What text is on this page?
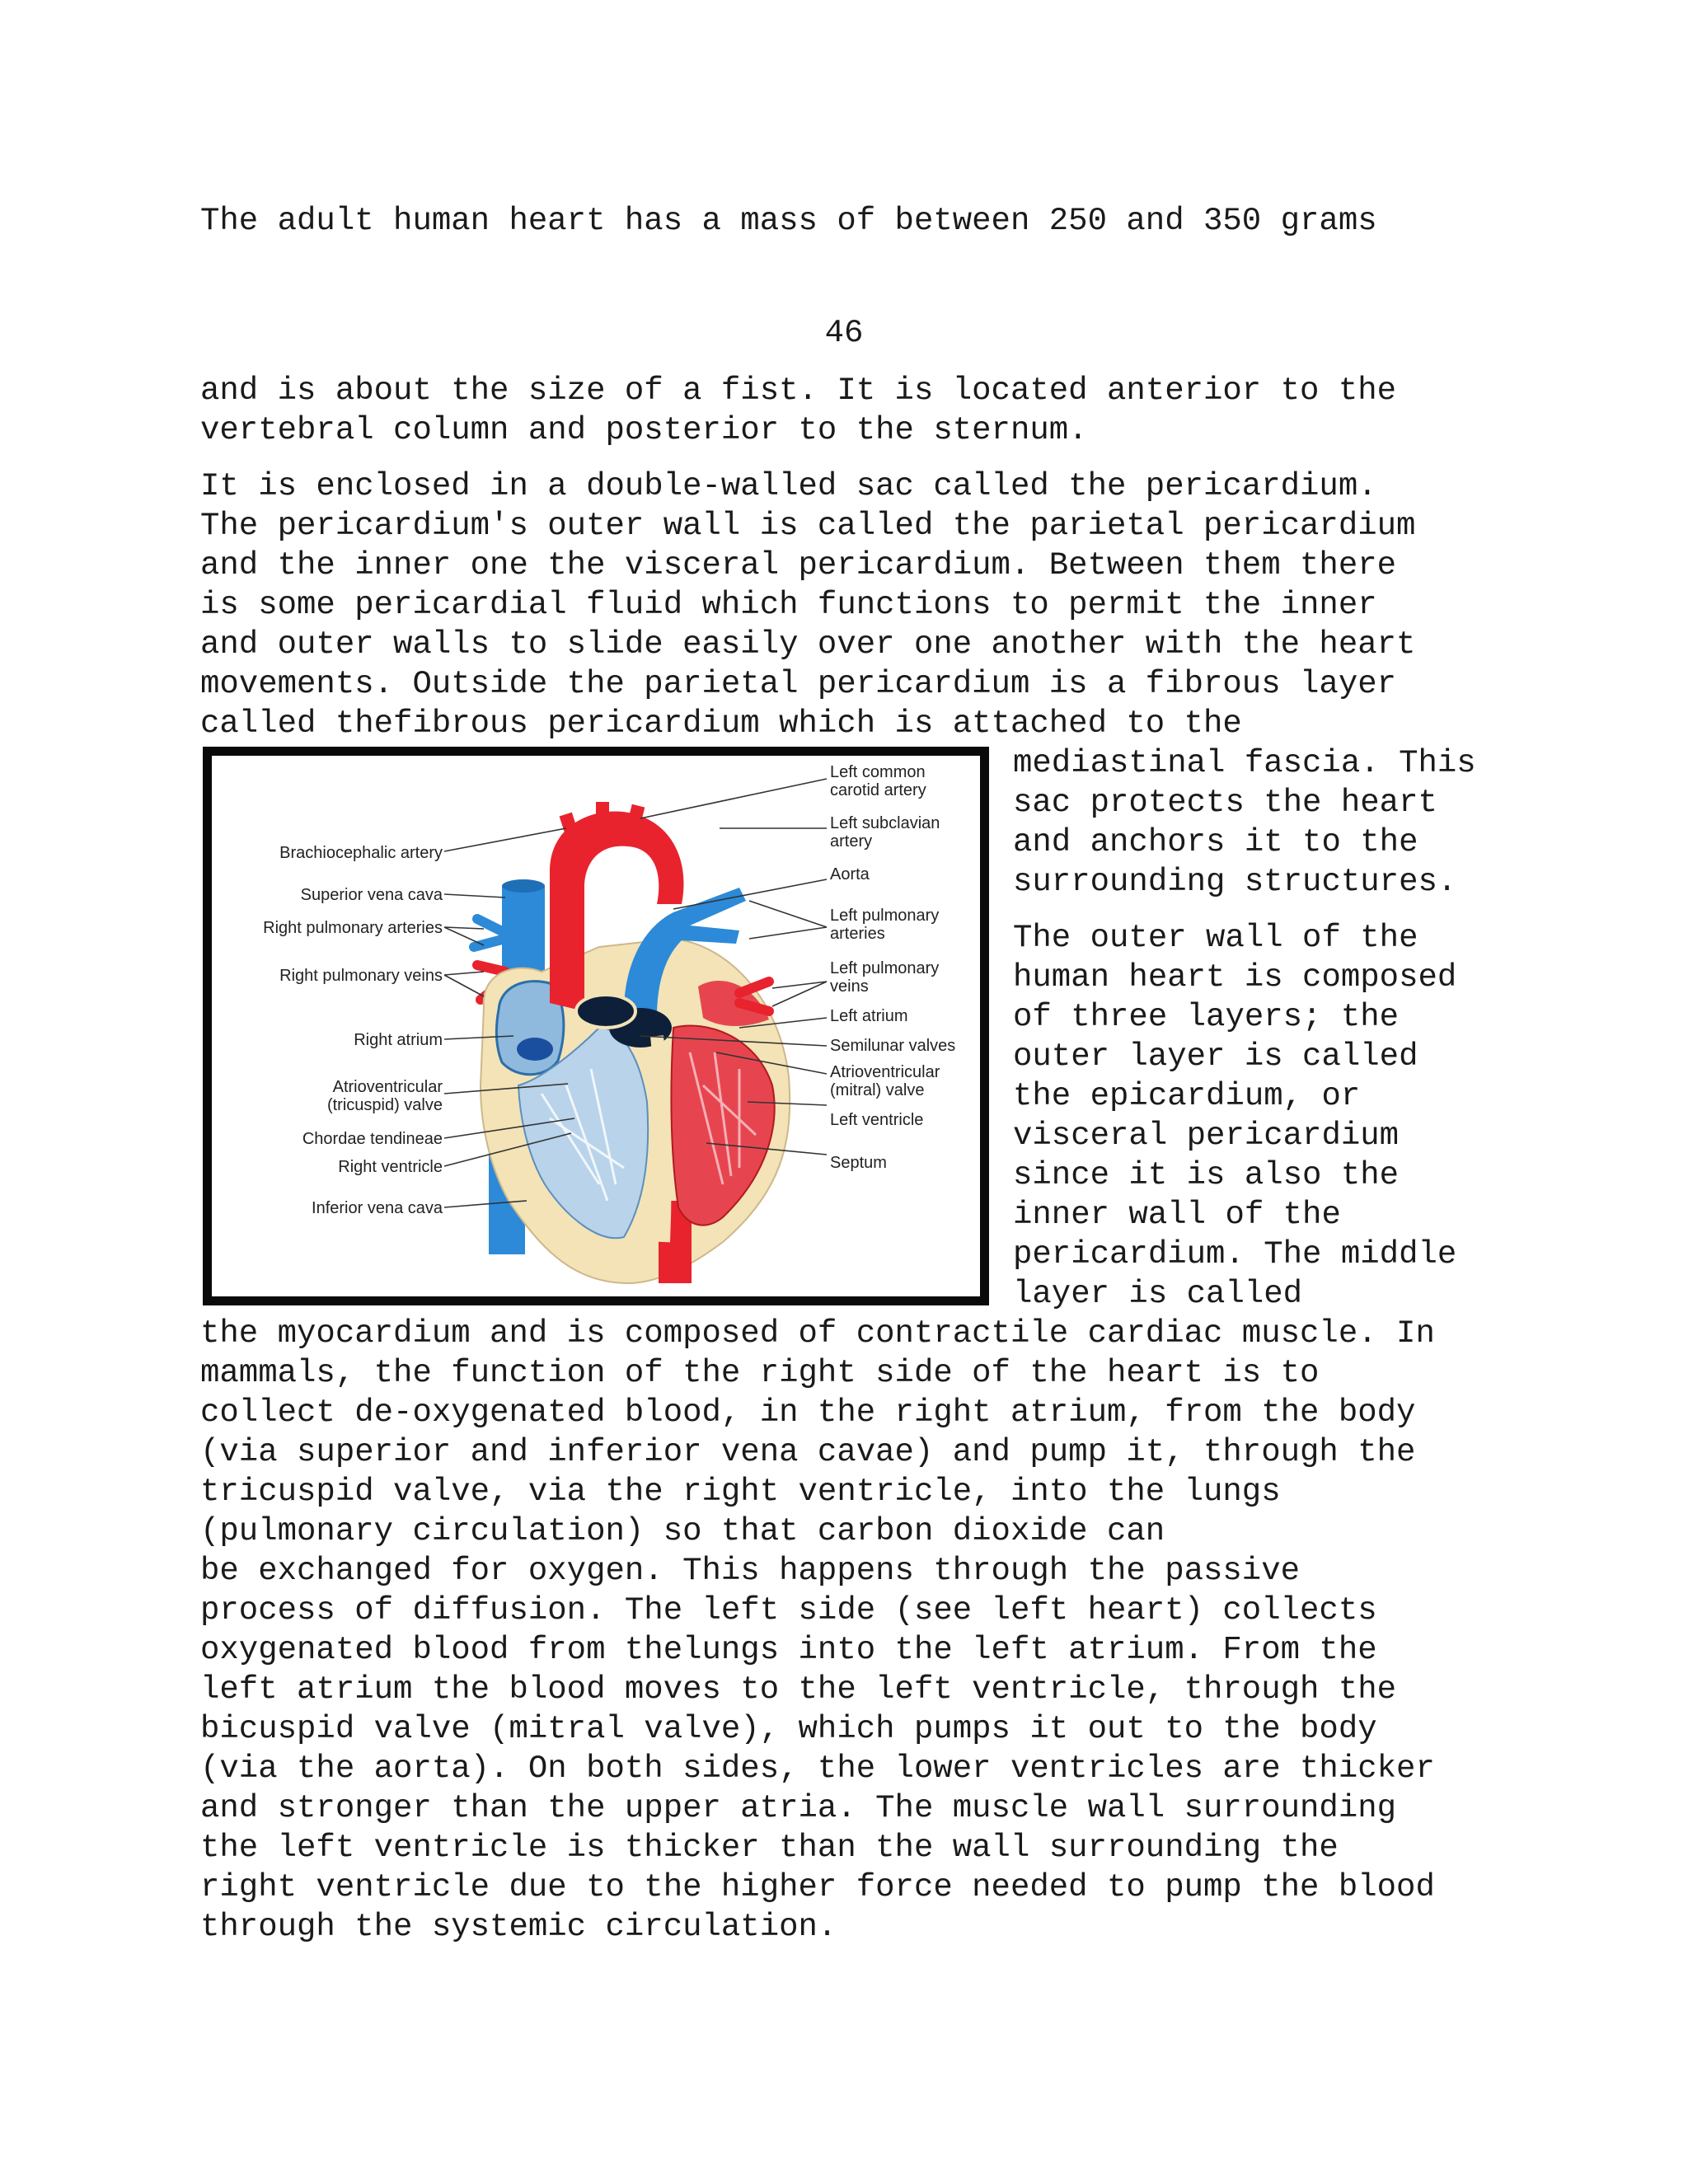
The adult human heart has a mass of between 250 and 350 grams
46
and is about the size of a fist. It is located anterior to the
vertebral column and posterior to the sternum.
It is enclosed in a double-walled sac called the pericardium.
The pericardium's outer wall is called the parietal pericardium
and the inner one the visceral pericardium. Between them there
is some pericardial fluid which functions to permit the inner
and outer walls to slide easily over one another with the heart
movements. Outside the parietal pericardium is a fibrous layer
called thefibrous pericardium which is attached to the
mediastinal fascia. This
sac protects the heart
and anchors it to the
surrounding structures.
The outer wall of the
human heart is composed
of three layers; the
outer layer is called
the epicardium, or
visceral pericardium
since it is also the
inner wall of the
pericardium. The middle
layer is called
the myocardium and is composed of contractile cardiac muscle. In
mammals, the function of the right side of the heart is to
collect de-oxygenated blood, in the right atrium, from the body
(via superior and inferior vena cavae) and pump it, through the
tricuspid valve, via the right ventricle, into the lungs
(pulmonary circulation) so that carbon dioxide can
be exchanged for oxygen. This happens through the passive
process of diffusion. The left side (see left heart) collects
oxygenated blood from thelungs into the left atrium. From the
left atrium the blood moves to the left ventricle, through the
bicuspid valve (mitral valve), which pumps it out to the body
(via the aorta). On both sides, the lower ventricles are thicker
and stronger than the upper atria. The muscle wall surrounding
the left ventricle is thicker than the wall surrounding the
right ventricle due to the higher force needed to pump the blood
through the systemic circulation.
Brachiocephalic artery
Superior vena cava
Right pulmonary arteries
Right pulmonary veins
Right atrium
Atrioventricular
(tricuspid) valve
Chordae tendineae
Right ventricle
Inferior vena cava
Left common
carotid artery
Left subclavian
artery
Aorta
Left pulmonary
arteries
Left pulmonary
veins
Left atrium
Semilunar valves
Atrioventricular
(mitral) valve
Left ventricle
Septum
